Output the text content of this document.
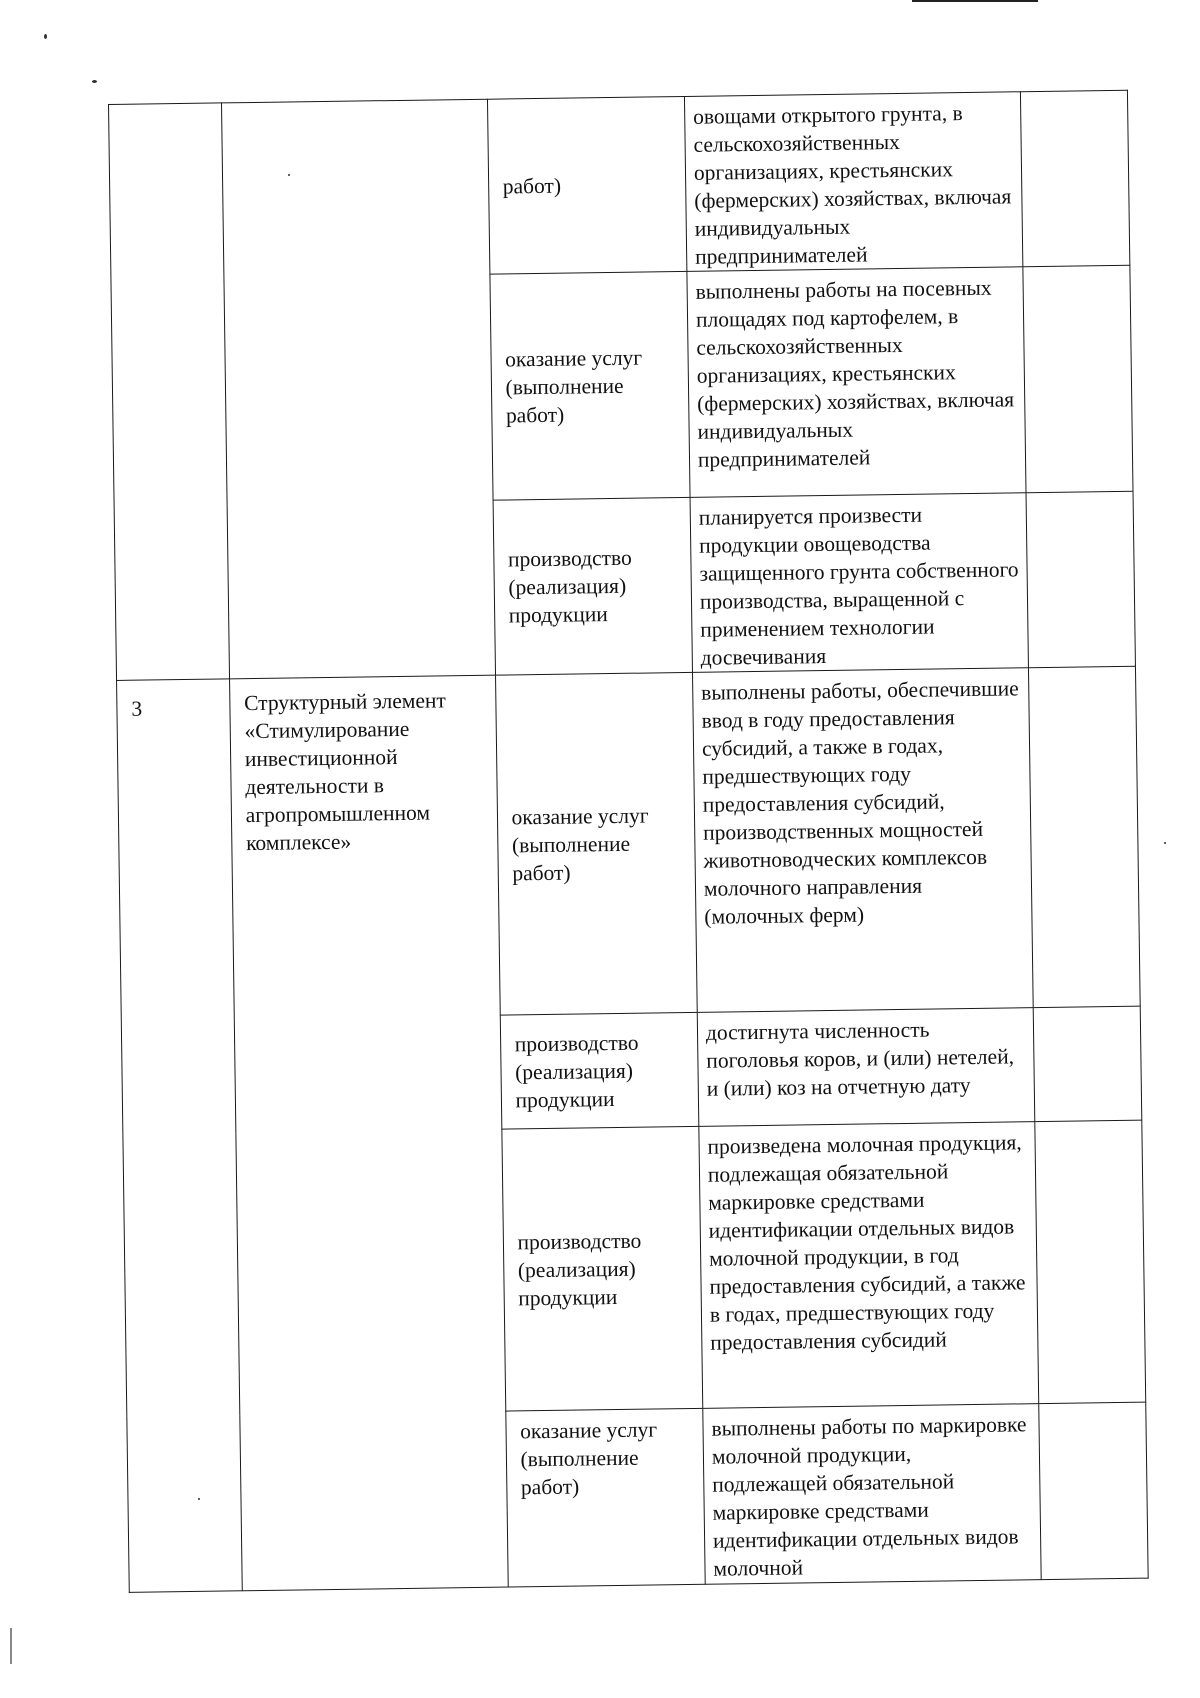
		работ)	овощами открытого грунта, в сельскохозяйственных организациях, крестьянских (фермерских) хозяйствах, включая индивидуальных предпринимателей	

		оказание услуг (выполнение работ)	выполнены работы на посевных площадях под картофелем, в сельскохозяйственных организациях, крестьянских (фермерских) хозяйствах, включая индивидуальных предпринимателей	

		производство (реализация) продукции	планируется произвести продукции овощеводства защищенного грунта собственного производства, выращенной с применением технологии досвечивания	

3	Структурный элемент «Стимулирование инвестиционной деятельности в агропромышленном комплексе»	оказание услуг (выполнение работ)	выполнены работы, обеспечившие ввод в году предоставления субсидий, а также в годах, предшествующих году предоставления субсидий, производственных мощностей животноводческих комплексов молочного направления (молочных ферм)	

		производство (реализация) продукции	достигнута численность поголовья коров, и (или) нетелей, и (или) коз на отчетную дату	

		производство (реализация) продукции	произведена молочная продукция, подлежащая обязательной маркировке средствами идентификации отдельных видов молочной продукции, в год предоставления субсидий, а также в годах, предшествующих году предоставления субсидий	

		оказание услуг (выполнение работ)	выполнены работы по маркировке молочной продукции, подлежащей обязательной маркировке средствами идентификации отдельных видов молочной	
